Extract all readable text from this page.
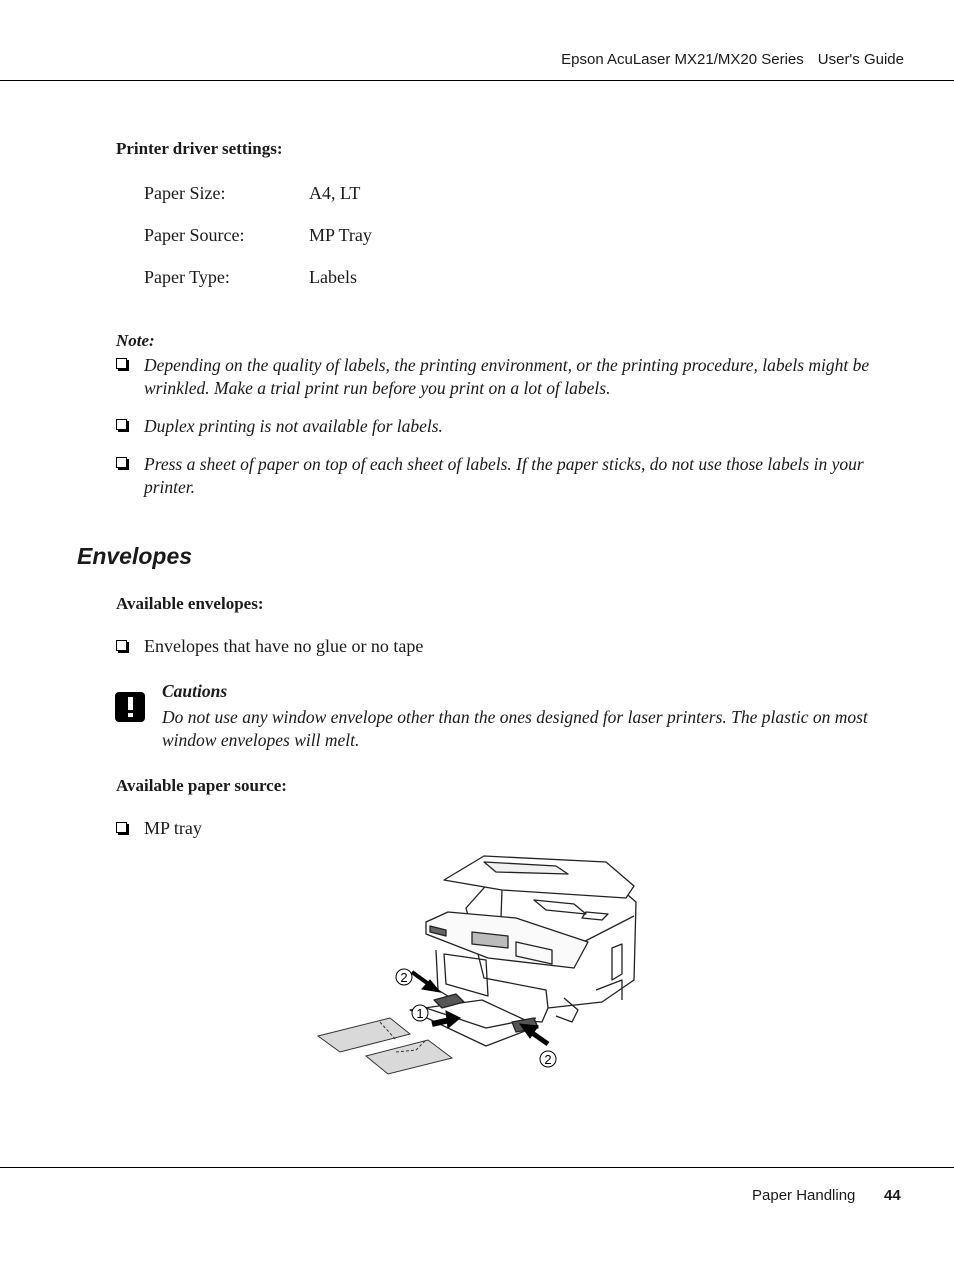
Epson AcuLaser MX21/MX20 Series User's Guide
Printer driver settings:
Paper Size:	A4, LT
Paper Source:	MP Tray
Paper Type:	Labels
Note:
Depending on the quality of labels, the printing environment, or the printing procedure, labels might be wrinkled. Make a trial print run before you print on a lot of labels.
Duplex printing is not available for labels.
Press a sheet of paper on top of each sheet of labels. If the paper sticks, do not use those labels in your printer.
Envelopes
Available envelopes:
Envelopes that have no glue or no tape
Cautions
Do not use any window envelope other than the ones designed for laser printers. The plastic on most window envelopes will melt.
Available paper source:
MP tray
2
1
2
Paper Handling 44
